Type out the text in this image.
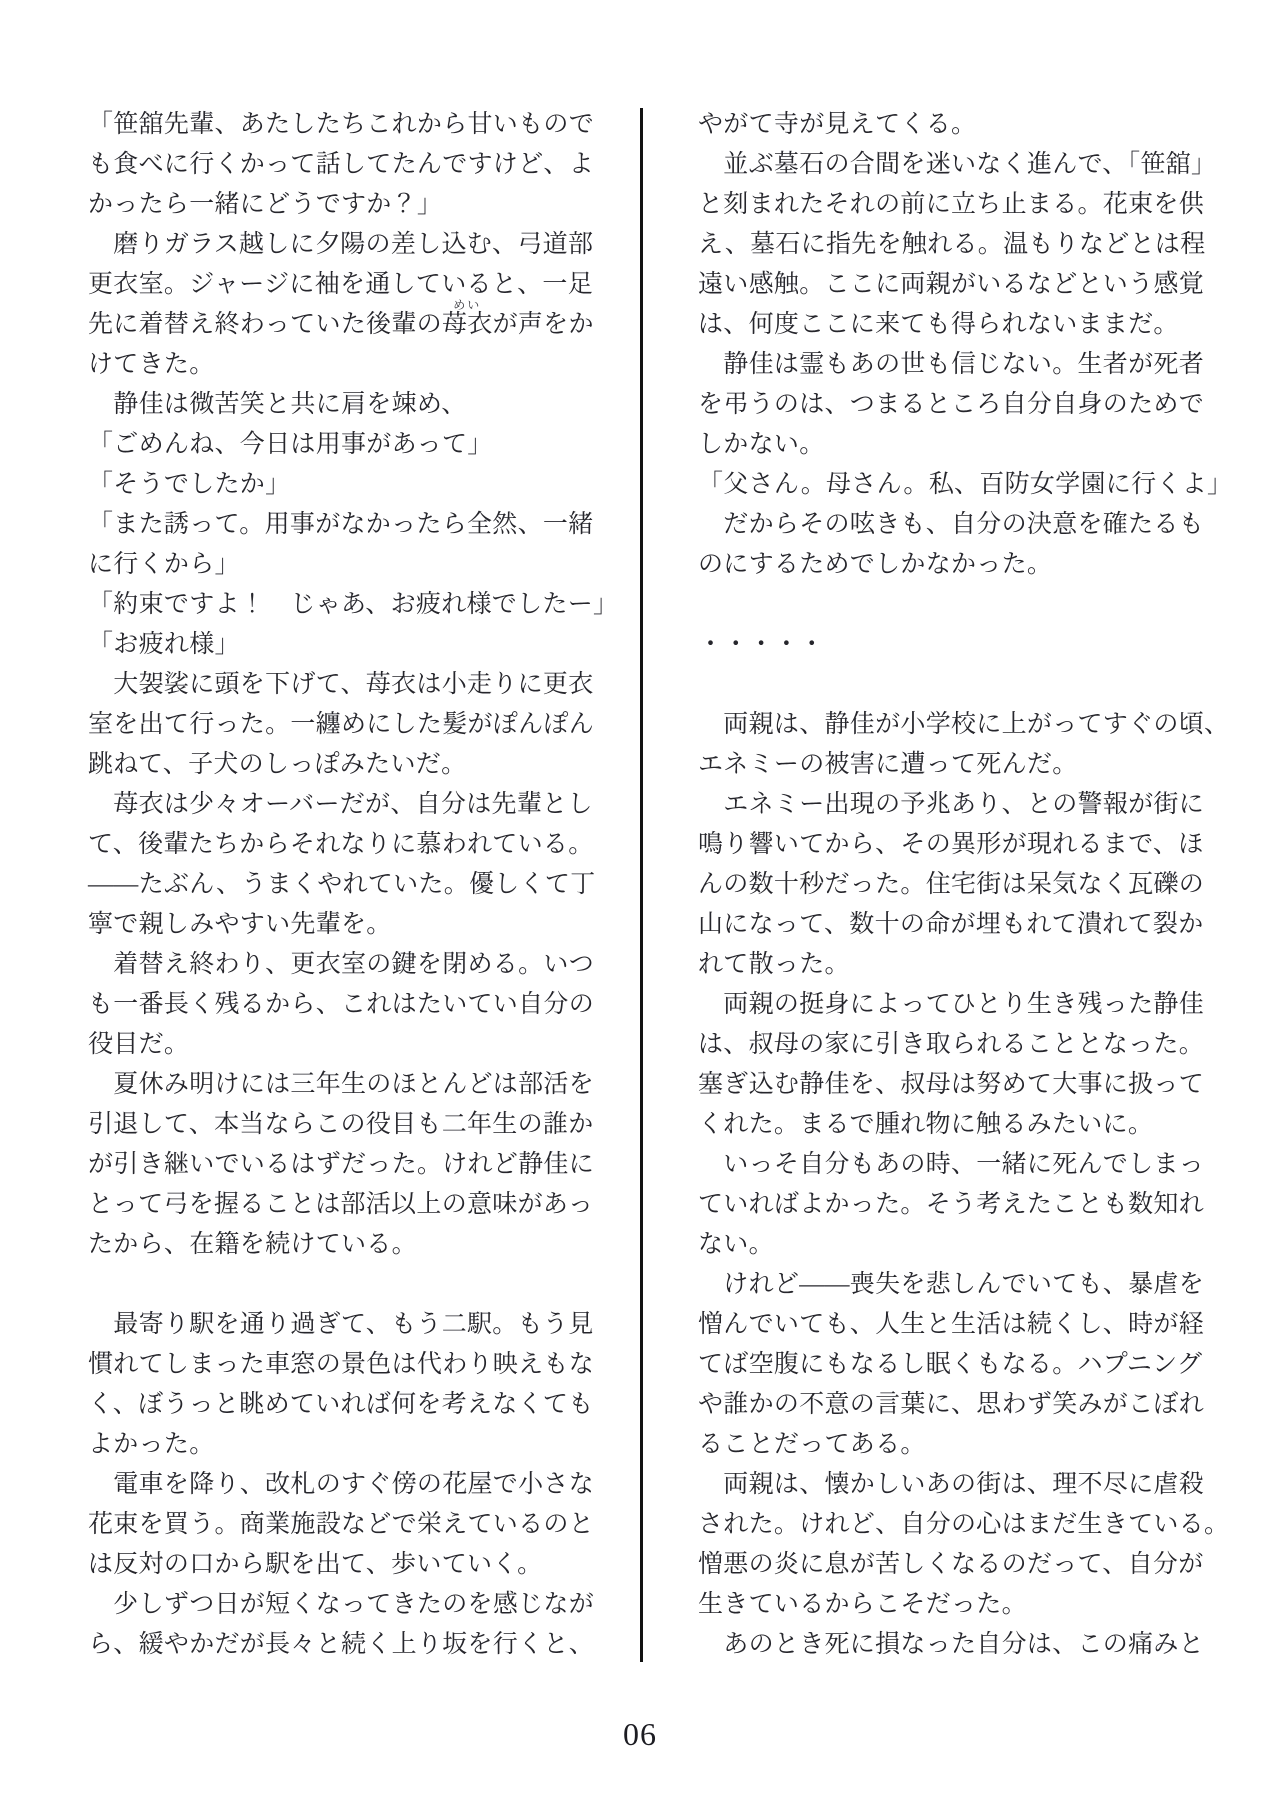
「笹舘先輩、あたしたちこれから甘いもので
も食べに行くかって話してたんですけど、よ
かったら一緒にどうですか？」
　磨りガラス越しに夕陽の差し込む、弓道部
更衣室。ジャージに袖を通していると、一足
先に着替え終わっていた後輩の苺衣
めい
が声をか
けてきた。
　静佳は微苦笑と共に肩を竦め、
「ごめんね、今日は用事があって」
「そうでしたか」
「また誘って。用事がなかったら全然、一緒
に行くから」
「約束ですよ！　じゃあ、お疲れ様でしたー」
「お疲れ様」
　大袈裟に頭を下げて、苺衣は小走りに更衣
室を出て行った。一纏めにした髪がぽんぽん
跳ねて、子犬のしっぽみたいだ。
　苺衣は少々オーバーだが、自分は先輩とし
て、後輩たちからそれなりに慕われている。
――たぶん、うまくやれていた。優しくて丁
寧で親しみやすい先輩を。
　着替え終わり、更衣室の鍵を閉める。いつ
も一番長く残るから、これはたいてい自分の
役目だ。
　夏休み明けには三年生のほとんどは部活を
引退して、本当ならこの役目も二年生の誰か
が引き継いでいるはずだった。けれど静佳に
とって弓を握ることは部活以上の意味があっ
たから、在籍を続けている。
　最寄り駅を通り過ぎて、もう二駅。もう見
慣れてしまった車窓の景色は代わり映えもな
く、ぼうっと眺めていれば何を考えなくても
よかった。
　電車を降り、改札のすぐ傍の花屋で小さな
花束を買う。商業施設などで栄えているのと
は反対の口から駅を出て、歩いていく。
　少しずつ日が短くなってきたのを感じなが
ら、緩やかだが長々と続く上り坂を行くと、
やがて寺が見えてくる。
　並ぶ墓石の合間を迷いなく進んで、「笹舘」
と刻まれたそれの前に立ち止まる。花束を供
え、墓石に指先を触れる。温もりなどとは程
遠い感触。ここに両親がいるなどという感覚
は、何度ここに来ても得られないままだ。
　静佳は霊もあの世も信じない。生者が死者
を弔うのは、つまるところ自分自身のためで
しかない。
「父さん。母さん。私、百防女学園に行くよ」
　だからその呟きも、自分の決意を確たるも
のにするためでしかなかった。
・・・・・
　両親は、静佳が小学校に上がってすぐの頃、
エネミーの被害に遭って死んだ。
　エネミー出現の予兆あり、との警報が街に
鳴り響いてから、その異形が現れるまで、ほ
んの数十秒だった。住宅街は呆気なく瓦礫の
山になって、数十の命が埋もれて潰れて裂か
れて散った。
　両親の挺身によってひとり生き残った静佳
は、叔母の家に引き取られることとなった。
塞ぎ込む静佳を、叔母は努めて大事に扱って
くれた。まるで腫れ物に触るみたいに。
　いっそ自分もあの時、一緒に死んでしまっ
ていればよかった。そう考えたことも数知れ
ない。
　けれど――喪失を悲しんでいても、暴虐を
憎んでいても、人生と生活は続くし、時が経
てば空腹にもなるし眠くもなる。ハプニング
や誰かの不意の言葉に、思わず笑みがこぼれ
ることだってある。
　両親は、懐かしいあの街は、理不尽に虐殺
された。けれど、自分の心はまだ生きている。
憎悪の炎に息が苦しくなるのだって、自分が
生きているからこそだった。
　あのとき死に損なった自分は、この痛みと
06
